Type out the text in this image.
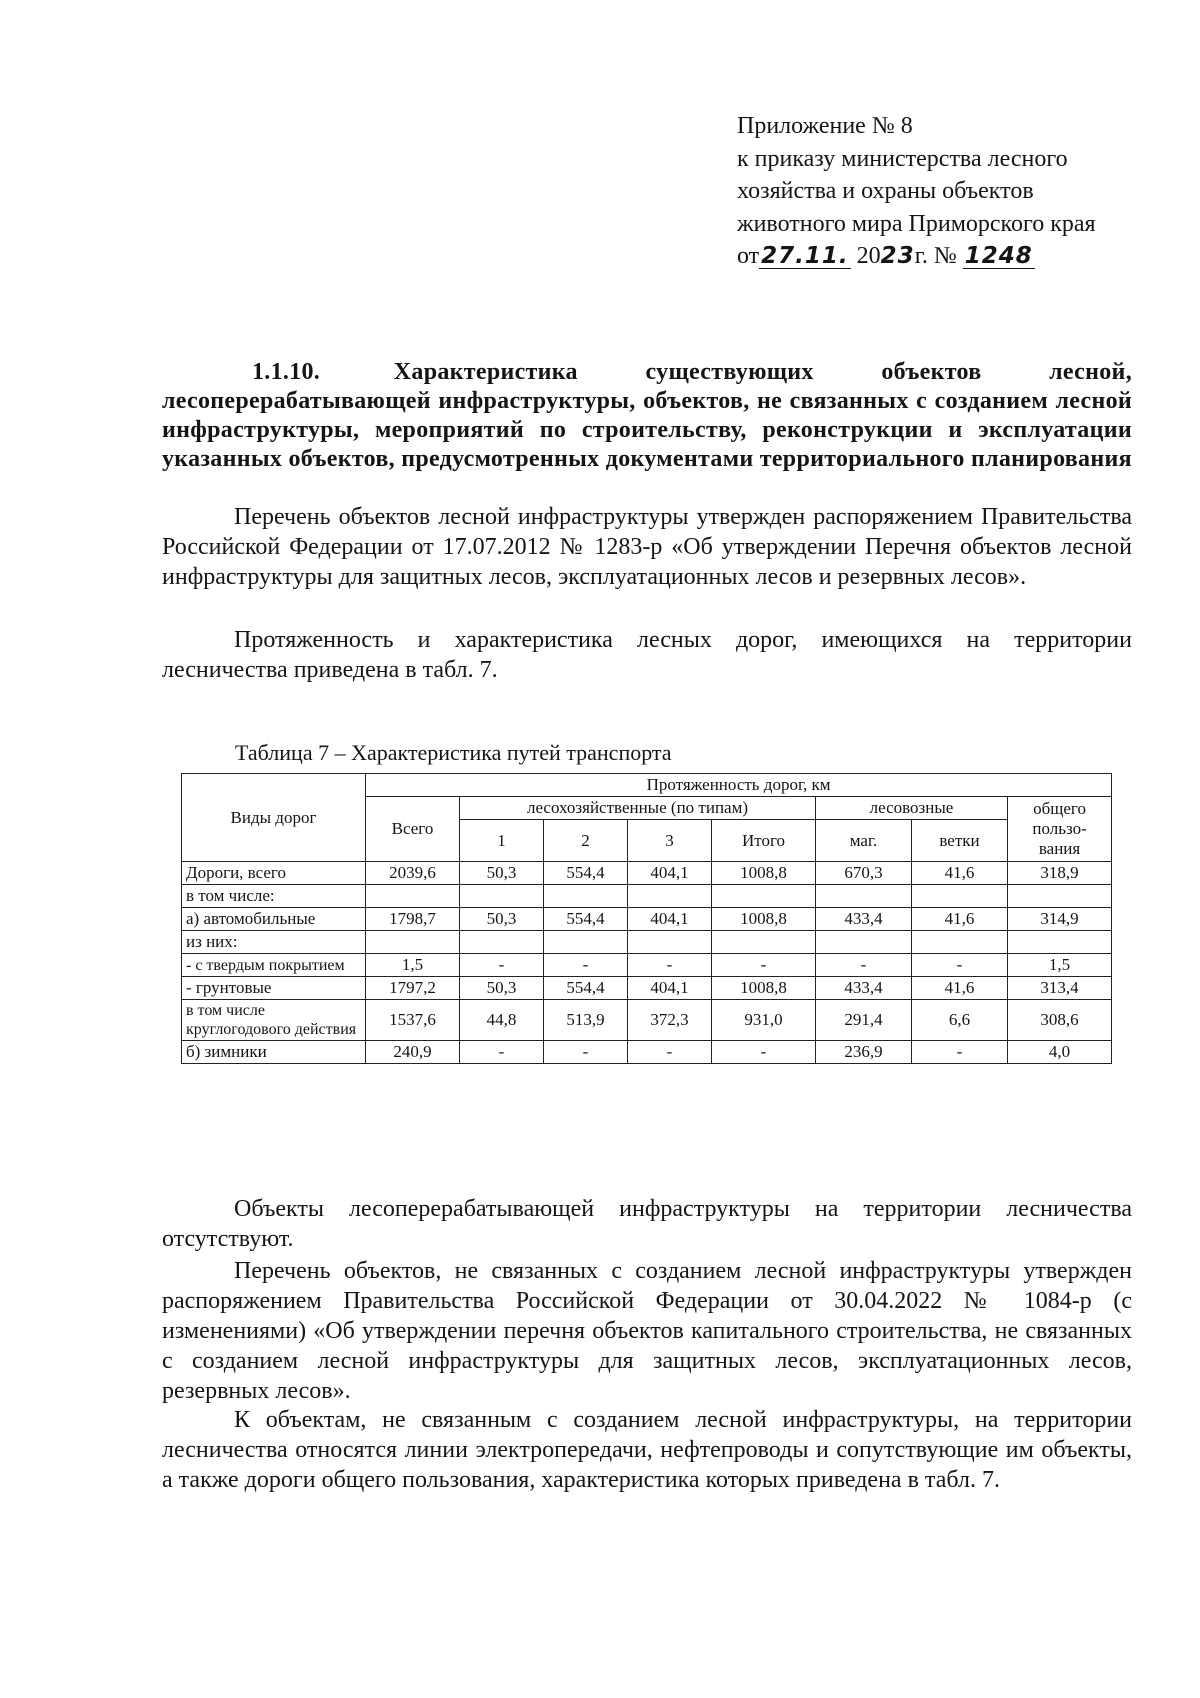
Приложение № 8
к приказу министерства лесного
хозяйства и охраны объектов
животного мира Приморского края
от27.11. 2023г. № 1248
1.1.10.	Характеристика существующих объектов лесной, лесоперерабатывающей инфраструктуры, объектов, не связанных с созданием лесной инфраструктуры, мероприятий по строительству, реконструкции и эксплуатации указанных объектов, предусмотренных документами территориального планирования
Перечень объектов лесной инфраструктуры утвержден распоряжением Правительства Российской Федерации от 17.07.2012 № 1283-р «Об утверждении Перечня объектов лесной инфраструктуры для защитных лесов, эксплуатационных лесов и резервных лесов».
Протяженность и характеристика лесных дорог, имеющихся на территории лесничества приведена в табл. 7.
Таблица 7 – Характеристика путей транспорта
Виды дорог	Протяженность дорог, км							
	Всего	лесохозяйственные (по типам)				лесовозные		общего пользо-вания
		1	2	3	Итого	маг.	ветки	
Дороги, всего	2039,6	50,3	554,4	404,1	1008,8	670,3	41,6	318,9
в том числе:								
а) автомобильные	1798,7	50,3	554,4	404,1	1008,8	433,4	41,6	314,9
из них:								
- с твердым покрытием	1,5	-	-	-	-	-	-	1,5
- грунтовые	1797,2	50,3	554,4	404,1	1008,8	433,4	41,6	313,4
в том числе круглогодового действия	1537,6	44,8	513,9	372,3	931,0	291,4	6,6	308,6
б) зимники	240,9	-	-	-	-	236,9	-	4,0
Объекты лесоперерабатывающей инфраструктуры на территории лесничества отсутствуют.
Перечень объектов, не связанных с созданием лесной инфраструктуры утвержден распоряжением Правительства Российской Федерации от 30.04.2022 № 1084-р (с изменениями) «Об утверждении перечня объектов капитального строительства, не связанных с созданием лесной инфраструктуры для защитных лесов, эксплуатационных лесов, резервных лесов».
К объектам, не связанным с созданием лесной инфраструктуры, на территории лесничества относятся линии электропередачи, нефтепроводы и сопутствующие им объекты, а также дороги общего пользования, характеристика которых приведена в табл. 7.
